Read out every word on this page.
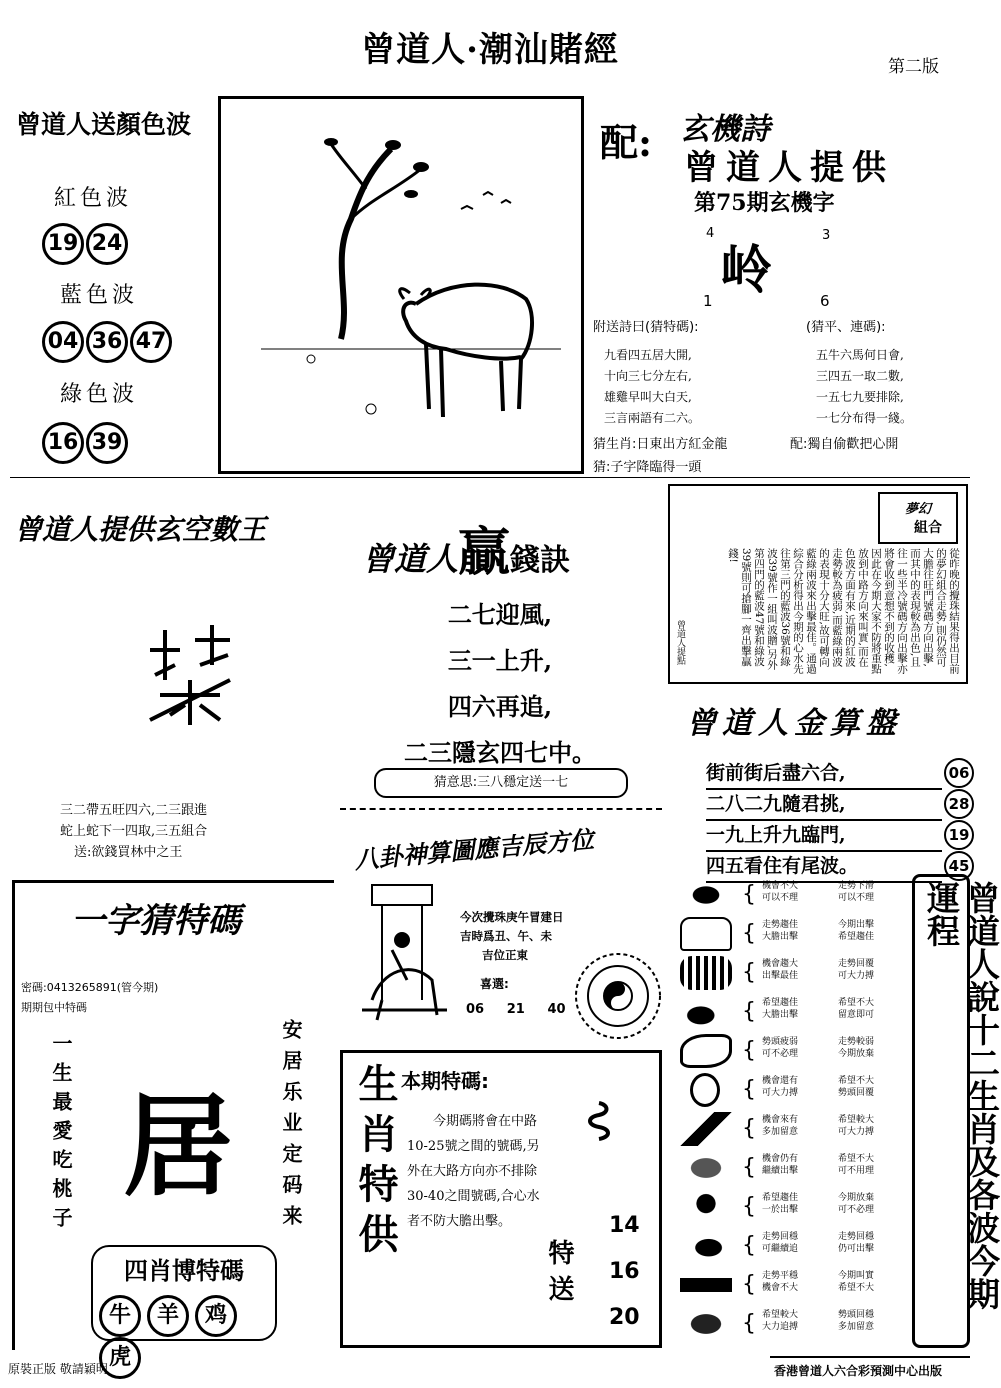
曾道人·潮汕賭經	第二版
曾道人送顏色波
紅色波
19 24
藍色波
04 36 47
綠色波
16 39
配: 玄機詩
曾道人提供
第75期玄機字
4	3
岭
1	6
附送詩曰(猜特碼):	(猜平、連碼):
九看四五居大開,
十向三七分左右,
雄雞早叫大白天,
三言兩語有二六。
五牛六馬何日會,
三四五一取二數,
一五七九要排除,
一七分布得一綫。
猜生肖:日東出方紅金龍	配:獨自偷歡把心開
猜:子字降臨得一頭
曾道人提供玄空數王
三二帶五旺四六,二三跟進
蛇上蛇下一四取,三五組合
送:欲錢買林中之王
曾道人贏錢訣
二七迎風,
三一上升,
四六再追,
二三隱玄四七中。
猜意思:三八穩定送一七
夢幻
組合
從昨晚的攪珠結果得出目前的夢幻組合走勢,則仍然可大膽往旺門號碼方向出擊,而其中的表現較為出色,且往一些半冷號碼方向出擊亦將會收到意想不到的收穫,因此在今期大家不防將重點放到中路方向來叫實,而在色波方面有來,近期的紅波走勢較為疲弱,而藍綠兩波的表現十分大旺,故可轉向藍綠兩波來出擊最佳。通過綜合分析得出今期的心水先往第三門的藍波36號和綠波39號作一組叫波贈,另外第四門的藍波47號和綠波39號則可搶腳一齊出擊贏錢!
曾道人提點
曾道人金算盤
街前街后盡六合,	06
二八二九隨君挑,	28
一九上升九臨門,	19
四五看住有尾波。	45
一字猜特碼
密碼:0413265891(管今期)
期期包中特碼
一生最愛吃桃子 居 安居乐业定码来
四肖博特碼
牛 羊 鸡虎
八卦神算圖應吉辰方位
今次攪珠庚午冒建日
吉時爲丑、午、未
吉位正東
喜選:
06 21 40
生肖特供 本期特碼:
今期碼將會在中路10-25號之間的號碼,另外在大路方向亦不排除30-40之間號碼,合心水者不防大膽出擊。
特送
14
16
20
{ 機會不大
可以不理
走勢下滑
可以不理
{ 走勢趨佳
大膽出擊
今期出擊
希望趨佳
{ 機會趨大
出擊最佳
走勢回覆
可大力搏
{ 希望趨佳
大膽出擊
希望不大
留意即可
{ 勢頭疲弱
可不必理
走勢較弱
今期放棄
{ 機會還有
可大力搏
希望不大
勢頭回覆
{ 機會來有
多加留意
希望較大
可大力搏
{ 機會仍有
繼續出擊
希望不大
可不用理
{ 希望趨佳
一於出擊
今期放棄
可不必理
{ 走勢回穩
可繼續追
走勢回穩
仍可出擊
{ 走勢平穩
機會不大
今期叫實
希望不大
{ 希望較大
大力追搏
勢頭回穩
多加留意
曾道人說十二生肖及各波今期運程
原裝正版 敬請穎明	香港曾道人六合彩預測中心出版
